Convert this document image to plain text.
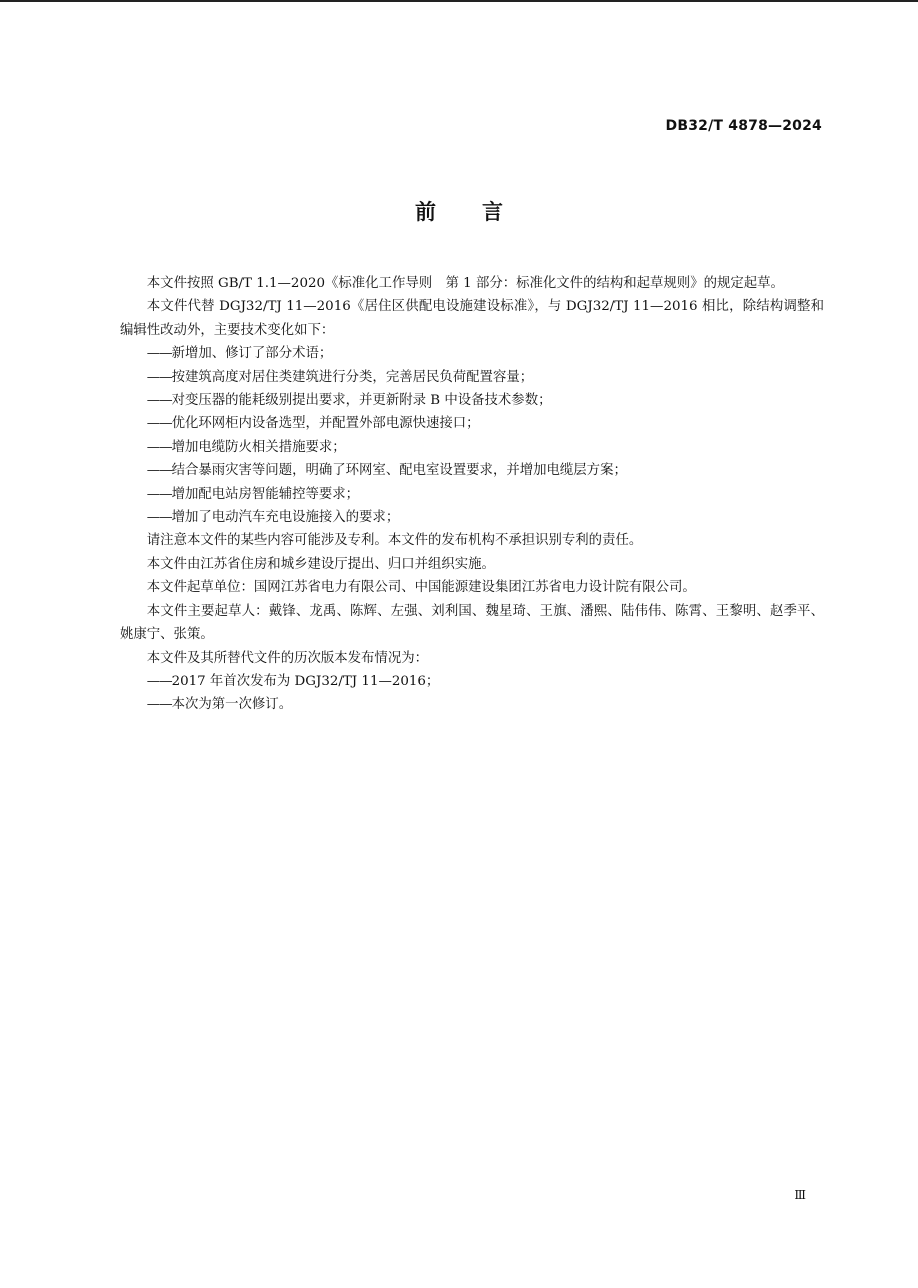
DB32/T 4878—2024
前言

本文件按照 GB/T 1.1—2020《标准化工作导则　第 1 部分：标准化文件的结构和起草规则》的规定起草。

本文件代替 DGJ32/TJ 11—2016《居住区供配电设施建设标准》，与 DGJ32/TJ 11—2016 相比，除结构调整和编辑性改动外，主要技术变化如下：

——新增加、修订了部分术语；
——按建筑高度对居住类建筑进行分类，完善居民负荷配置容量；
——对变压器的能耗级别提出要求，并更新附录 B 中设备技术参数；
——优化环网柜内设备选型，并配置外部电源快速接口；
——增加电缆防火相关措施要求；
——结合暴雨灾害等问题，明确了环网室、配电室设置要求，并增加电缆层方案；
——增加配电站房智能辅控等要求；
——增加了电动汽车充电设施接入的要求；

请注意本文件的某些内容可能涉及专利。本文件的发布机构不承担识别专利的责任。

本文件由江苏省住房和城乡建设厅提出、归口并组织实施。

本文件起草单位：国网江苏省电力有限公司、中国能源建设集团江苏省电力设计院有限公司。

本文件主要起草人：戴锋、龙禹、陈辉、左强、刘利国、魏星琦、王旗、潘熙、陆伟伟、陈霄、王黎明、赵季平、姚康宁、张策。

本文件及其所替代文件的历次版本发布情况为：

——2017 年首次发布为 DGJ32/TJ 11—2016；
——本次为第一次修订。
Ⅲ
